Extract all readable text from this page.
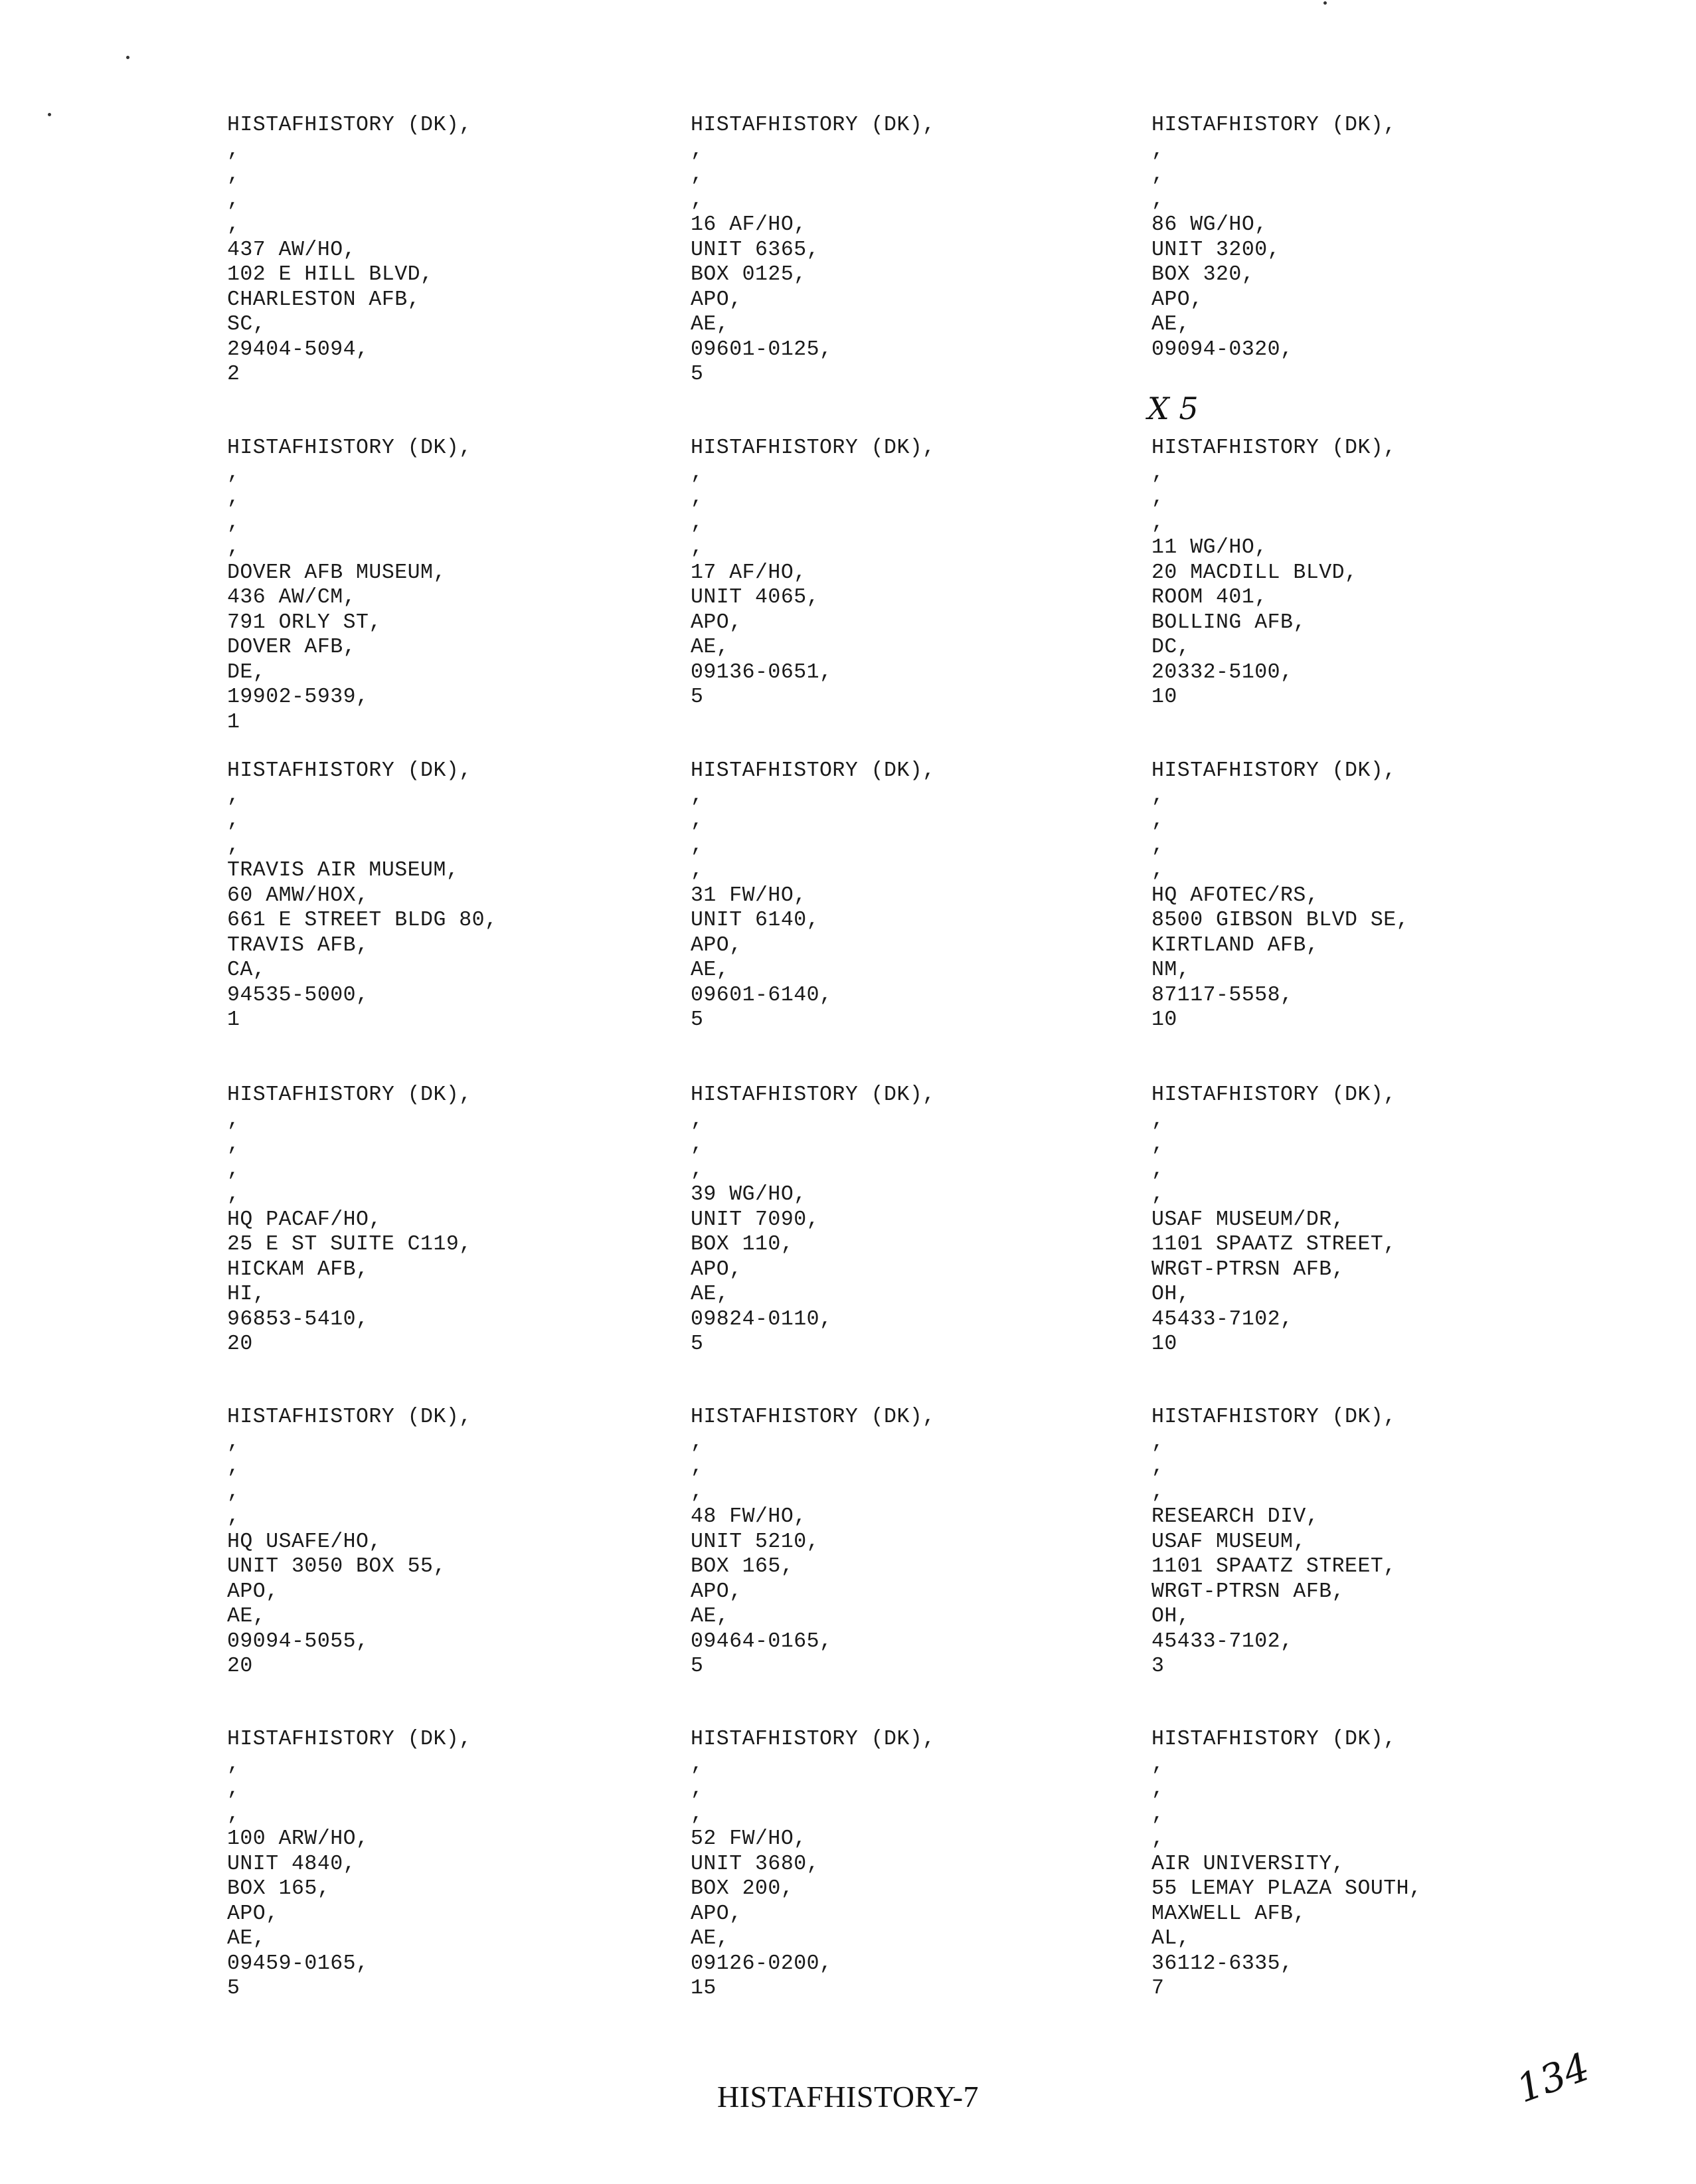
HISTAFHISTORY (DK),
,
,
,
,
437 AW/HO,
102 E HILL BLVD,
CHARLESTON AFB,
SC,
29404-5094,
2
HISTAFHISTORY (DK),
,
,
,
16 AF/HO,
UNIT 6365,
BOX 0125,
APO,
AE,
09601-0125,
5
HISTAFHISTORY (DK),
,
,
,
86 WG/HO,
UNIT 3200,
BOX 320,
APO,
AE,
09094-0320,
HISTAFHISTORY (DK),
,
,
,
,
DOVER AFB MUSEUM,
436 AW/CM,
791 ORLY ST,
DOVER AFB,
DE,
19902-5939,
1
HISTAFHISTORY (DK),
,
,
,
,
17 AF/HO,
UNIT 4065,
APO,
AE,
09136-0651,
5
HISTAFHISTORY (DK),
,
,
,
11 WG/HO,
20 MACDILL BLVD,
ROOM 401,
BOLLING AFB,
DC,
20332-5100,
10
HISTAFHISTORY (DK),
,
,
,
TRAVIS AIR MUSEUM,
60 AMW/HOX,
661 E STREET BLDG 80,
TRAVIS AFB,
CA,
94535-5000,
1
HISTAFHISTORY (DK),
,
,
,
,
31 FW/HO,
UNIT 6140,
APO,
AE,
09601-6140,
5
HISTAFHISTORY (DK),
,
,
,
,
HQ AFOTEC/RS,
8500 GIBSON BLVD SE,
KIRTLAND AFB,
NM,
87117-5558,
10
HISTAFHISTORY (DK),
,
,
,
,
HQ PACAF/HO,
25 E ST SUITE C119,
HICKAM AFB,
HI,
96853-5410,
20
HISTAFHISTORY (DK),
,
,
,
39 WG/HO,
UNIT 7090,
BOX 110,
APO,
AE,
09824-0110,
5
HISTAFHISTORY (DK),
,
,
,
,
USAF MUSEUM/DR,
1101 SPAATZ STREET,
WRGT-PTRSN AFB,
OH,
45433-7102,
10
HISTAFHISTORY (DK),
,
,
,
,
HQ USAFE/HO,
UNIT 3050 BOX 55,
APO,
AE,
09094-5055,
20
HISTAFHISTORY (DK),
,
,
,
48 FW/HO,
UNIT 5210,
BOX 165,
APO,
AE,
09464-0165,
5
HISTAFHISTORY (DK),
,
,
,
RESEARCH DIV,
USAF MUSEUM,
1101 SPAATZ STREET,
WRGT-PTRSN AFB,
OH,
45433-7102,
3
HISTAFHISTORY (DK),
,
,
,
100 ARW/HO,
UNIT 4840,
BOX 165,
APO,
AE,
09459-0165,
5
HISTAFHISTORY (DK),
,
,
,
52 FW/HO,
UNIT 3680,
BOX 200,
APO,
AE,
09126-0200,
15
HISTAFHISTORY (DK),
,
,
,
,
AIR UNIVERSITY,
55 LEMAY PLAZA SOUTH,
MAXWELL AFB,
AL,
36112-6335,
7
X 5
HISTAFHISTORY-7	134
